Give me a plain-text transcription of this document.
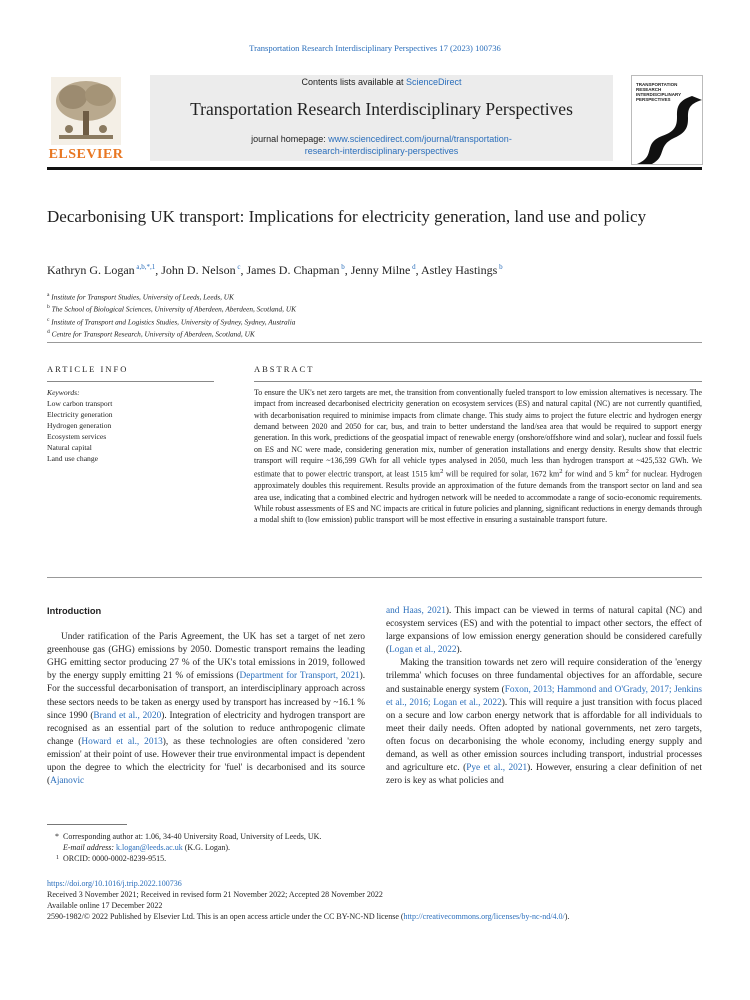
Transportation Research Interdisciplinary Perspectives 17 (2023) 100736
ELSEVIER
Contents lists available at ScienceDirect
Transportation Research Interdisciplinary Perspectives
journal homepage: www.sciencedirect.com/journal/transportation-
research-interdisciplinary-perspectives
TRANSPORTATION RESEARCH INTERDISCIPLINARY PERSPECTIVES
Decarbonising UK transport: Implications for electricity generation, land use and policy
Kathryn G. Logan $^{a,b,*,1}$, John D. Nelson $^c$, James D. Chapman $^b$, Jenny Milne $^d$, Astley Hastings $^b$
$^a$ Institute for Transport Studies, University of Leeds, Leeds, UK
$^b$ The School of Biological Sciences, University of Aberdeen, Aberdeen, Scotland, UK
$^c$ Institute of Transport and Logistics Studies, University of Sydney, Sydney, Australia
$^d$ Centre for Transport Research, University of Aberdeen, Scotland, UK
ARTICLE INFO	ABSTRACT
Keywords:
Low carbon transport
Electricity generation
Hydrogen generation
Ecosystem services
Natural capital
Land use change
To ensure the UK's net zero targets are met, the transition from conventionally fueled transport to low emission alternatives is necessary. The impact from increased decarbonised electricity generation on ecosystem services (ES) and natural capital (NC) are not currently quantified, with decarbonisation required to minimise impacts from climate change. This study aims to project the future electric and hydrogen energy demand between 2020 and 2050 for car, bus, and train to better understand the land/sea area that would be required to support energy generation. In this work, predictions of the geospatial impact of renewable energy (onshore/offshore wind and solar), nuclear and fossil fuels on ES and NC were made, considering generation mix, number of generation installations and energy density. Results show that electric transport will require ~136,599 GWh for all vehicle types analysed in 2050, much less than hydrogen transport at ~425,532 GWh. We estimate that to power electric transport, at least 1515 $km^2$ will be required for solar, 1672 $km^2$ for wind and 5 $km^2$ for nuclear. Hydrogen approximately doubles this requirement. Results provide an approximation of the future demands from the transport sector on land and sea area use, indicating that a combined electric and hydrogen network will be needed to accommodate a range of socio-economic requirements. While robust assessments of ES and NC impacts are critical in future policies and planning, significant reductions in energy demands through a modal shift to (low emission) public transport will be most effective in ensuring a sustainable transport future.
Introduction

Under ratification of the Paris Agreement, the UK has set a target of net zero greenhouse gas (GHG) emissions by 2050. Domestic transport remains the leading GHG emitting sector producing 27 % of the UK's total emissions in 2019, followed by the energy supply emitting 21 % of emissions (Department for Transport, 2021). For the successful decarbonisation of transport, an interdisciplinary approach across these sectors needs to be taken as energy used by transport has increased by ~16.1 % since 1990 (Brand et al., 2020). Integration of electricity and hydrogen transport are recognised as an essential part of the solution to reduce anthropogenic climate change (Howard et al., 2013), as these technologies are often considered 'zero emission' at their point of use. However their true environmental impact is dependent upon the degree to which the electricity for 'fuel' is decarbonised and its source (Ajanovic

and Haas, 2021). This impact can be viewed in terms of natural capital (NC) and ecosystem services (ES) and with the potential to impact other sectors, the effect of large expansions of low emission energy generation should be considered carefully (Logan et al., 2022).

Making the transition towards net zero will require consideration of the 'energy trilemma' which focuses on three fundamental objectives for an affordable, secure and sustainable energy system (Foxon, 2013; Hammond and O'Grady, 2017; Jenkins et al., 2016; Logan et al., 2022). This will require a just transition with focus placed on a secure and low carbon energy network that is affordable for all individuals to meet their daily needs. Often adopted by national governments, net zero targets, often focus on decarbonising the whole economy, including energy supply and demand, as well as other emission sources including transport, industrial processes and agriculture etc. (Pye et al., 2021). However, ensuring a clear definition of net zero is key as what policies and

* Corresponding author at: 1.06, 34-40 University Road, University of Leeds, UK.
E-mail address: k.logan@leeds.ac.uk (K.G. Logan).
1 ORCID: 0000-0002-8239-9515.
https://doi.org/10.1016/j.trip.2022.100736
Received 3 November 2021; Received in revised form 21 November 2022; Accepted 28 November 2022
Available online 17 December 2022
2590-1982/© 2022 Published by Elsevier Ltd. This is an open access article under the CC BY-NC-ND license (http://creativecommons.org/licenses/by-nc-nd/4.0/).
